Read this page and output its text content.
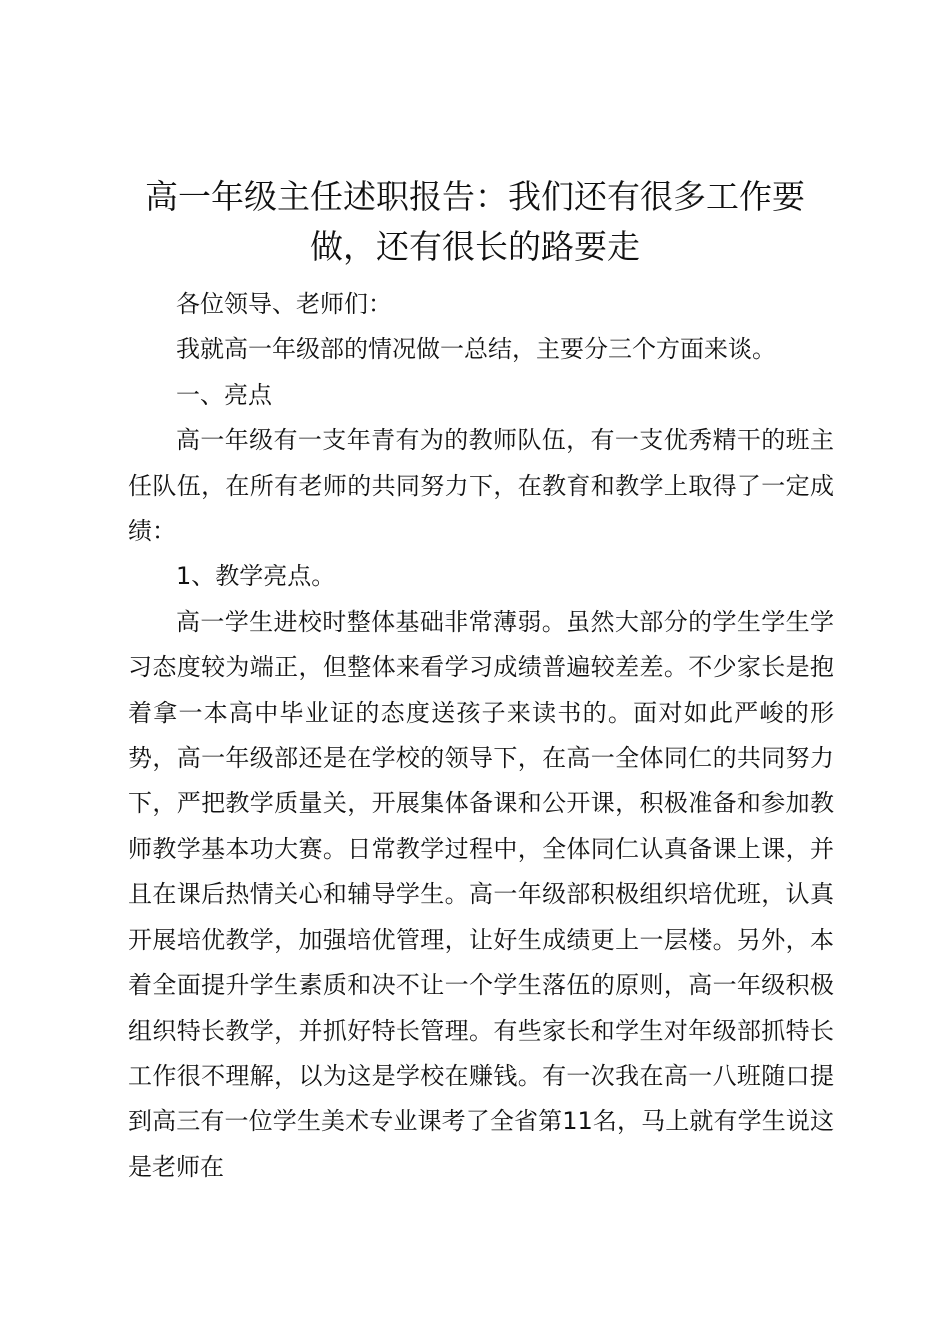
高一年级主任述职报告：我们还有很多工作要做，还有很长的路要走

各位领导、老师们：

我就高一年级部的情况做一总结，主要分三个方面来谈。

一、亮点

高一年级有一支年青有为的教师队伍，有一支优秀精干的班主任队伍，在所有老师的共同努力下，在教育和教学上取得了一定成绩：

1、教学亮点。

高一学生进校时整体基础非常薄弱。虽然大部分的学生学生学习态度较为端正，但整体来看学习成绩普遍较差差。不少家长是抱着拿一本高中毕业证的态度送孩子来读书的。面对如此严峻的形势，高一年级部还是在学校的领导下，在高一全体同仁的共同努力下，严把教学质量关，开展集体备课和公开课，积极准备和参加教师教学基本功大赛。日常教学过程中，全体同仁认真备课上课，并且在课后热情关心和辅导学生。高一年级部积极组织培优班，认真开展培优教学，加强培优管理，让好生成绩更上一层楼。另外，本着全面提升学生素质和决不让一个学生落伍的原则，高一年级积极组织特长教学，并抓好特长管理。有些家长和学生对年级部抓特长工作很不理解，以为这是学校在赚钱。有一次我在高一八班随口提到高三有一位学生美术专业课考了全省第11名，马上就有学生说这是老师在
